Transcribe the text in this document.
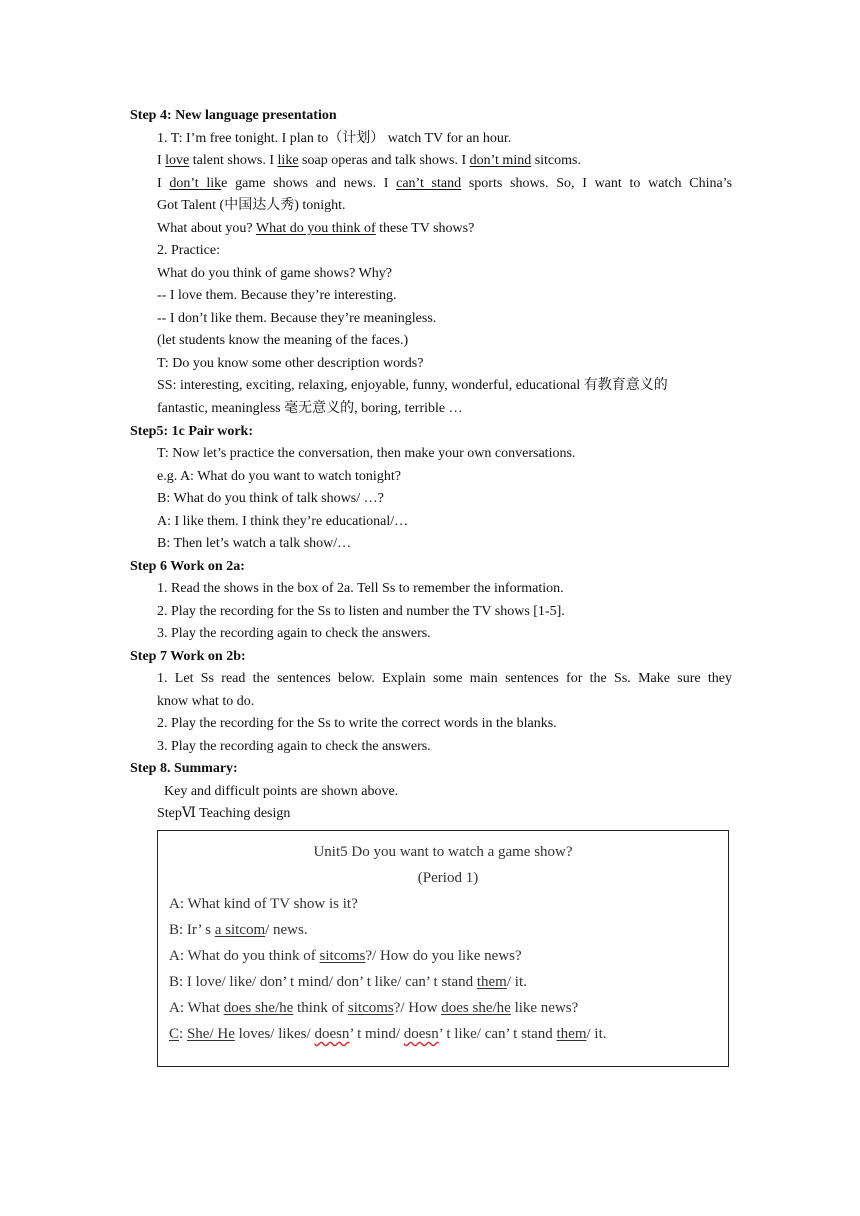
Step 4: New language presentation
1. T: I’m free tonight. I plan to（计划） watch TV for an hour.
I love talent shows. I like soap operas and talk shows. I don’t mind sitcoms.
I don’t like game shows and news. I can’t stand sports shows. So, I want to watch China’s
Got Talent (中国达人秀) tonight.
What about you? What do you think of these TV shows?
2. Practice:
What do you think of game shows? Why?
-- I love them. Because they’re interesting.
-- I don’t like them. Because they’re meaningless.
(let students know the meaning of the faces.)
T: Do you know some other description words?
SS: interesting, exciting, relaxing, enjoyable, funny, wonderful, educational 有教育意义的
fantastic, meaningless 毫无意义的, boring, terrible …
Step5: 1c Pair work:
T: Now let’s practice the conversation, then make your own conversations.
e.g. A: What do you want to watch tonight?
B: What do you think of talk shows/ …?
A: I like them. I think they’re educational/…
B: Then let’s watch a talk show/…
Step 6 Work on 2a:
1. Read the shows in the box of 2a. Tell Ss to remember the information.
2. Play the recording for the Ss to listen and number the TV shows [1-5].
3. Play the recording again to check the answers.
Step 7 Work on 2b:
1. Let Ss read the sentences below. Explain some main sentences for the Ss. Make sure they
know what to do.
2. Play the recording for the Ss to write the correct words in the blanks.
3. Play the recording again to check the answers.
Step 8. Summary:
Key and difficult points are shown above.
StepⅥ Teaching design
Unit5 Do you want to watch a game show?
(Period 1)
A: What kind of TV show is it?
B: Ir’ s a sitcom/ news.
A: What do you think of sitcoms?/ How do you like news?
B: I love/ like/ don’ t mind/ don’ t like/ can’ t stand them/ it.
A: What does she/he think of sitcoms?/ How does she/he like news?
C: She/ He loves/ likes/ doesn’ t mind/ doesn’ t like/ can’ t stand them/ it.
